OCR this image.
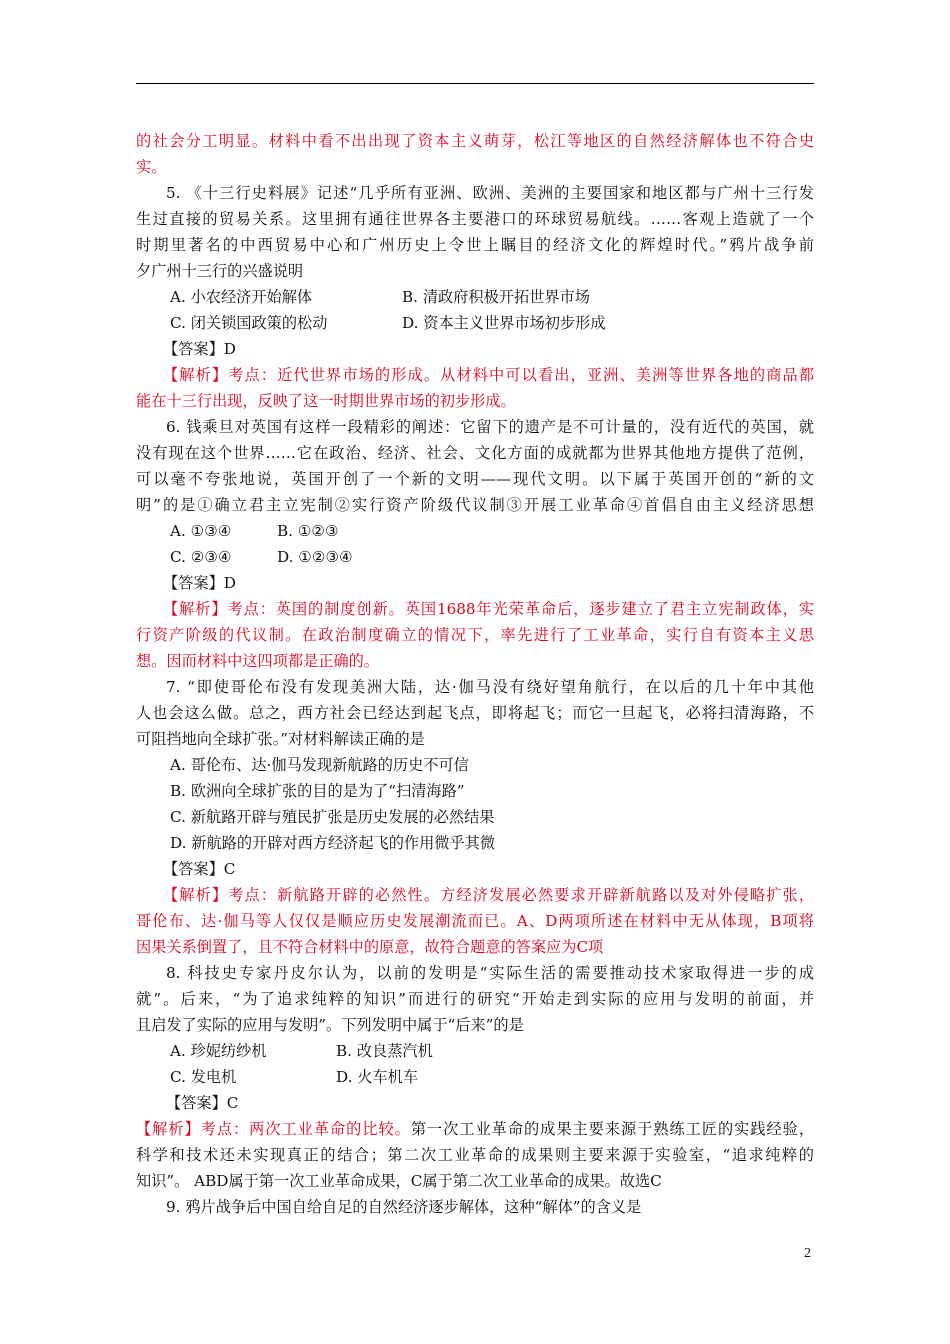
的社会分工明显。材料中看不出出现了资本主义萌芽，松江等地区的自然经济解体也不符合史
实。
5. 《十三行史料展》记述“几乎所有亚洲、欧洲、美洲的主要国家和地区都与广州十三行发
生过直接的贸易关系。这里拥有通往世界各主要港口的环球贸易航线。……客观上造就了一个
时期里著名的中西贸易中心和广州历史上令世上瞩目的经济文化的辉煌时代。”鸦片战争前
夕广州十三行的兴盛说明
A. 小农经济开始解体	B. 清政府积极开拓世界市场
C. 闭关锁国政策的松动	D. 资本主义世界市场初步形成
【答案】D
【解析】考点：近代世界市场的形成。从材料中可以看出，亚洲、美洲等世界各地的商品都
能在十三行出现，反映了这一时期世界市场的初步形成。
6. 钱乘旦对英国有这样一段精彩的阐述：它留下的遗产是不可计量的，没有近代的英国，就
没有现在这个世界……它在政治、经济、社会、文化方面的成就都为世界其他地方提供了范例，
可以毫不夸张地说，英国开创了一个新的文明——现代文明。以下属于英国开创的“新的文
明”的是①确立君主立宪制②实行资产阶级代议制③开展工业革命④首倡自由主义经济思想
A. ①③④	B. ①②③
C. ②③④	D. ①②③④
【答案】D
【解析】考点：英国的制度创新。英国1688年光荣革命后，逐步建立了君主立宪制政体，实
行资产阶级的代议制。在政治制度确立的情况下，率先进行了工业革命，实行自有资本主义思
想。因而材料中这四项都是正确的。
7. “即使哥伦布没有发现美洲大陆，达·伽马没有绕好望角航行，在以后的几十年中其他
人也会这么做。总之，西方社会已经达到起飞点，即将起飞；而它一旦起飞，必将扫清海路，不
可阻挡地向全球扩张。”对材料解读正确的是
A. 哥伦布、达·伽马发现新航路的历史不可信
B. 欧洲向全球扩张的目的是为了“扫清海路”
C. 新航路开辟与殖民扩张是历史发展的必然结果
D. 新航路的开辟对西方经济起飞的作用微乎其微
【答案】C
【解析】考点：新航路开辟的必然性。方经济发展必然要求开辟新航路以及对外侵略扩张，
哥伦布、达·伽马等人仅仅是顺应历史发展潮流而已。A、D两项所述在材料中无从体现，B项将
因果关系倒置了，且不符合材料中的原意，故符合题意的答案应为C项
8. 科技史专家丹皮尔认为，以前的发明是“实际生活的需要推动技术家取得进一步的成
就”。后来，“为了追求纯粹的知识”而进行的研究“开始走到实际的应用与发明的前面，并
且启发了实际的应用与发明”。下列发明中属于“后来”的是
A. 珍妮纺纱机	B. 改良蒸汽机
C. 发电机	D. 火车机车
【答案】C
【解析】考点：两次工业革命的比较。第一次工业革命的成果主要来源于熟练工匠的实践经验，
科学和技术还未实现真正的结合；第二次工业革命的成果则主要来源于实验室，“追求纯粹的
知识”。 ABD属于第一次工业革命成果，C属于第二次工业革命的成果。故选C
9. 鸦片战争后中国自给自足的自然经济逐步解体，这种“解体”的含义是
2
